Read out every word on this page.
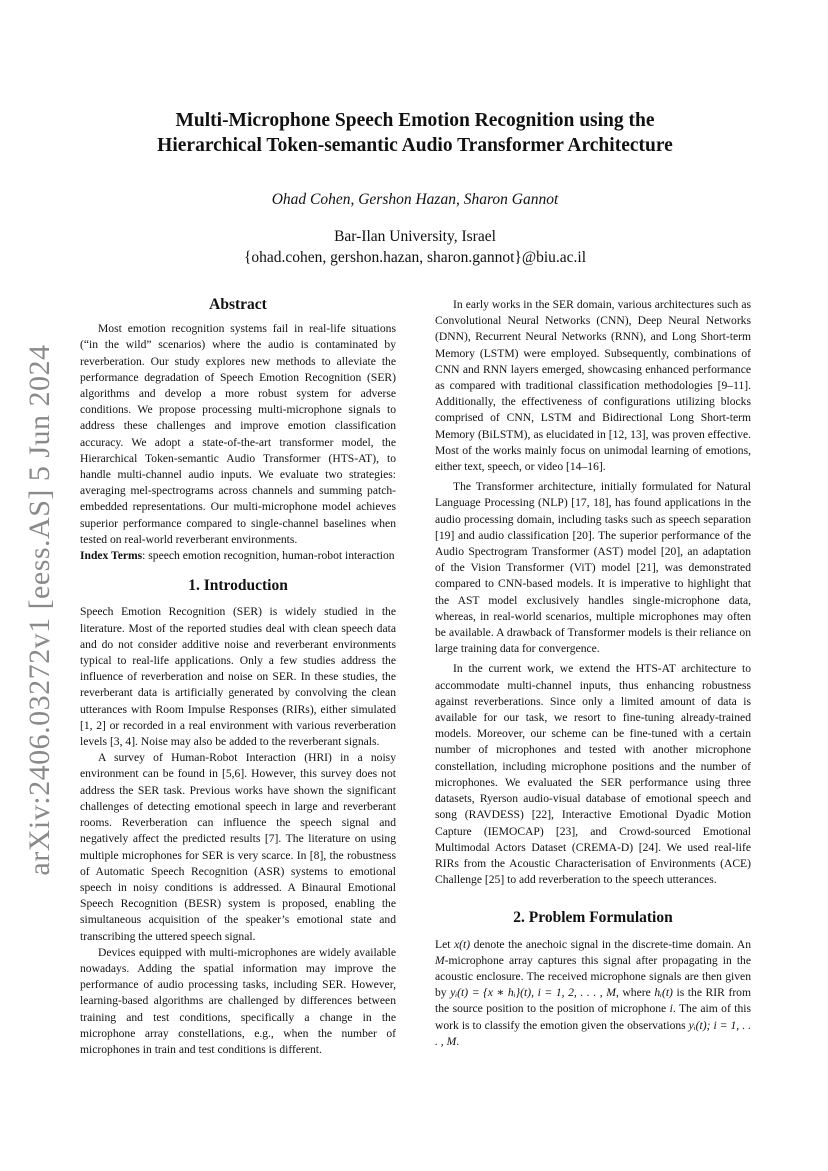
arXiv:2406.03272v1 [eess.AS] 5 Jun 2024
Multi-Microphone Speech Emotion Recognition using the
Hierarchical Token-semantic Audio Transformer Architecture
Ohad Cohen, Gershon Hazan, Sharon Gannot
Bar-Ilan University, Israel
{ohad.cohen, gershon.hazan, sharon.gannot}@biu.ac.il
Abstract

Most emotion recognition systems fail in real-life situations (“in the wild” scenarios) where the audio is contaminated by reverberation. Our study explores new methods to alleviate the performance degradation of Speech Emotion Recognition (SER) algorithms and develop a more robust system for adverse conditions. We propose processing multi-microphone signals to address these challenges and improve emotion classification accuracy. We adopt a state-of-the-art transformer model, the Hierarchical Token-semantic Audio Transformer (HTS-AT), to handle multi-channel audio inputs. We evaluate two strategies: averaging mel-spectrograms across channels and summing patch-embedded representations. Our multi-microphone model achieves superior performance compared to single-channel baselines when tested on real-world reverberant environments.

Index Terms: speech emotion recognition, human-robot interaction

1. Introduction

Speech Emotion Recognition (SER) is widely studied in the literature. Most of the reported studies deal with clean speech data and do not consider additive noise and reverberant environments typical to real-life applications. Only a few studies address the influence of reverberation and noise on SER. In these studies, the reverberant data is artificially generated by convolving the clean utterances with Room Impulse Responses (RIRs), either simulated [1, 2] or recorded in a real environment with various reverberation levels [3, 4]. Noise may also be added to the reverberant signals.

A survey of Human-Robot Interaction (HRI) in a noisy environment can be found in [5,6]. However, this survey does not address the SER task. Previous works have shown the significant challenges of detecting emotional speech in large and reverberant rooms. Reverberation can influence the speech signal and negatively affect the predicted results [7]. The literature on using multiple microphones for SER is very scarce. In [8], the robustness of Automatic Speech Recognition (ASR) systems to emotional speech in noisy conditions is addressed. A Binaural Emotional Speech Recognition (BESR) system is proposed, enabling the simultaneous acquisition of the speaker’s emotional state and transcribing the uttered speech signal.

Devices equipped with multi-microphones are widely available nowadays. Adding the spatial information may improve the performance of audio processing tasks, including SER. However, learning-based algorithms are challenged by differences between training and test conditions, specifically a change in the microphone array constellations, e.g., when the number of microphones in train and test conditions is different.

In early works in the SER domain, various architectures such as Convolutional Neural Networks (CNN), Deep Neural Networks (DNN), Recurrent Neural Networks (RNN), and Long Short-term Memory (LSTM) were employed. Subsequently, combinations of CNN and RNN layers emerged, showcasing enhanced performance as compared with traditional classification methodologies [9–11]. Additionally, the effectiveness of configurations utilizing blocks comprised of CNN, LSTM and Bidirectional Long Short-term Memory (BiLSTM), as elucidated in [12, 13], was proven effective. Most of the works mainly focus on unimodal learning of emotions, either text, speech, or video [14–16].

The Transformer architecture, initially formulated for Natural Language Processing (NLP) [17, 18], has found applications in the audio processing domain, including tasks such as speech separation [19] and audio classification [20]. The superior performance of the Audio Spectrogram Transformer (AST) model [20], an adaptation of the Vision Transformer (ViT) model [21], was demonstrated compared to CNN-based models. It is imperative to highlight that the AST model exclusively handles single-microphone data, whereas, in real-world scenarios, multiple microphones may often be available. A drawback of Transformer models is their reliance on large training data for convergence.

In the current work, we extend the HTS-AT architecture to accommodate multi-channel inputs, thus enhancing robustness against reverberations. Since only a limited amount of data is available for our task, we resort to fine-tuning already-trained models. Moreover, our scheme can be fine-tuned with a certain number of microphones and tested with another microphone constellation, including microphone positions and the number of microphones. We evaluated the SER performance using three datasets, Ryerson audio-visual database of emotional speech and song (RAVDESS) [22], Interactive Emotional Dyadic Motion Capture (IEMOCAP) [23], and Crowd-sourced Emotional Multimodal Actors Dataset (CREMA-D) [24]. We used real-life RIRs from the Acoustic Characterisation of Environments (ACE) Challenge [25] to add reverberation to the speech utterances.

2. Problem Formulation

Let x(t) denote the anechoic signal in the discrete-time domain. An M-microphone array captures this signal after propagating in the acoustic enclosure. The received microphone signals are then given by yᵢ(t) = {x ∗ hᵢ}(t), i = 1, 2, . . . , M, where hᵢ(t) is the RIR from the source position to the position of microphone i. The aim of this work is to classify the emotion given the observations yᵢ(t); i = 1, . . . , M.
